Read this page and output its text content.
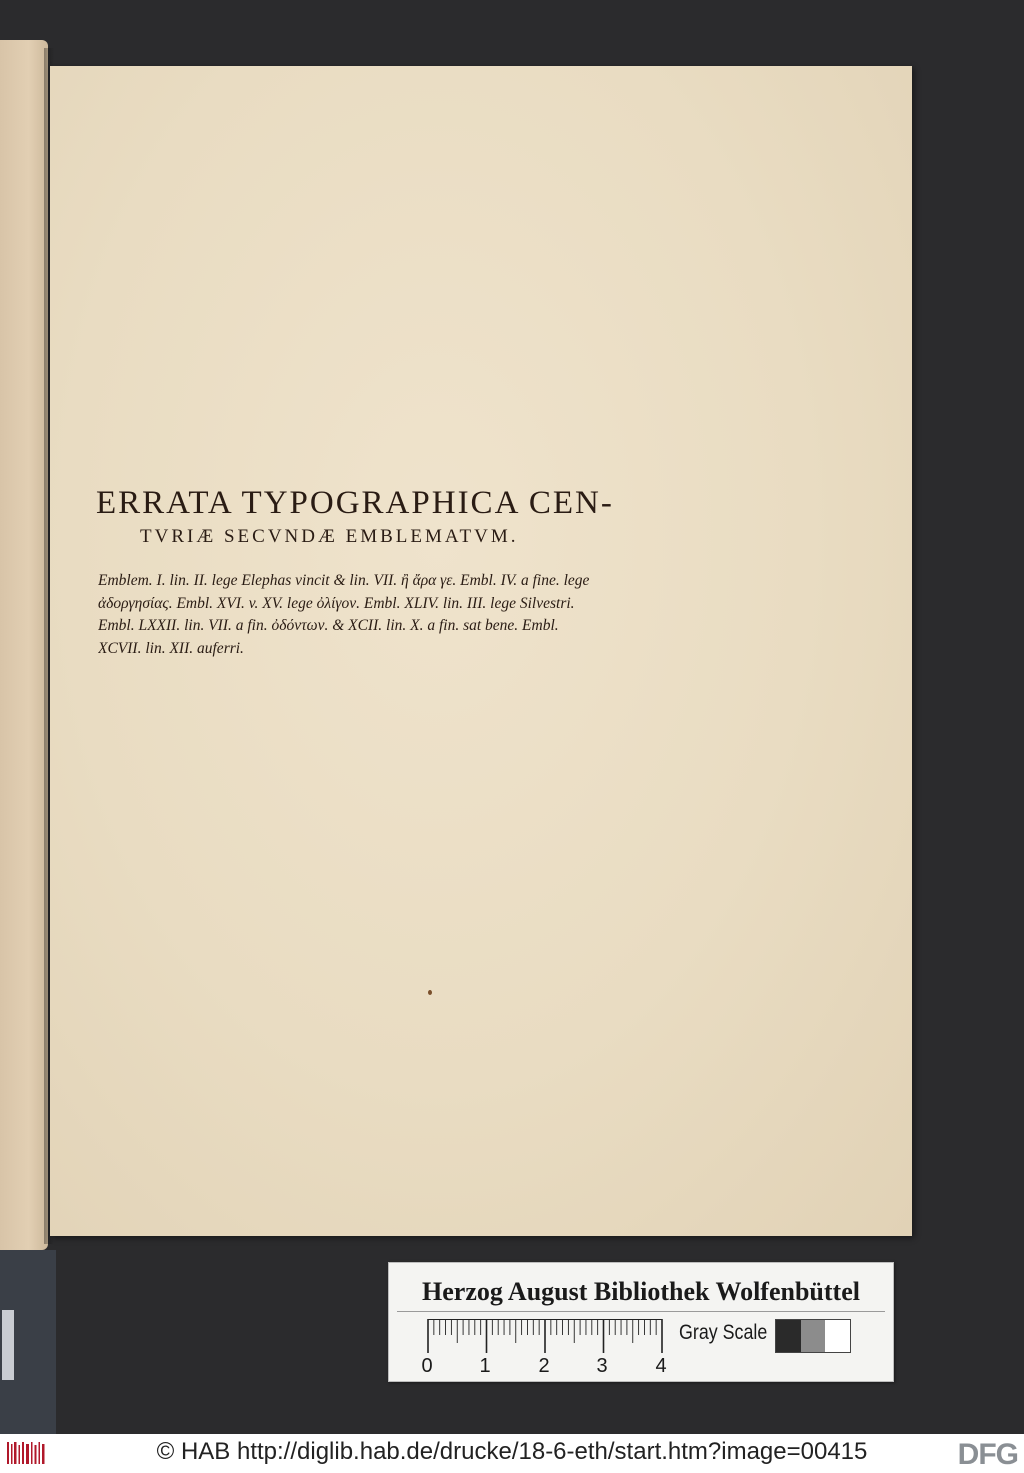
ERRATA TYPOGRAPHICA CEN-
TVRIÆ SECVNDÆ EMBLEMATVM.
Emblem. I. lin. II. lege Elephas vincit & lin. VII. ἢ ἄρα γε. Embl. IV. a fine. lege
ἀδοργησίας. Embl. XVI. v. XV. lege ὀλίγον. Embl. XLIV. lin. III. lege Silvestri.
Embl. LXXII. lin. VII. a fin. ὀδόντων. & XCII. lin. X. a fin. sat bene. Embl.
XCVII. lin. XII. auferri.
Herzog August Bibliothek Wolfenbüttel
0 1 2 3 4
Gray Scale
© HAB http://diglib.hab.de/drucke/18-6-eth/start.htm?image=00415	DFG
